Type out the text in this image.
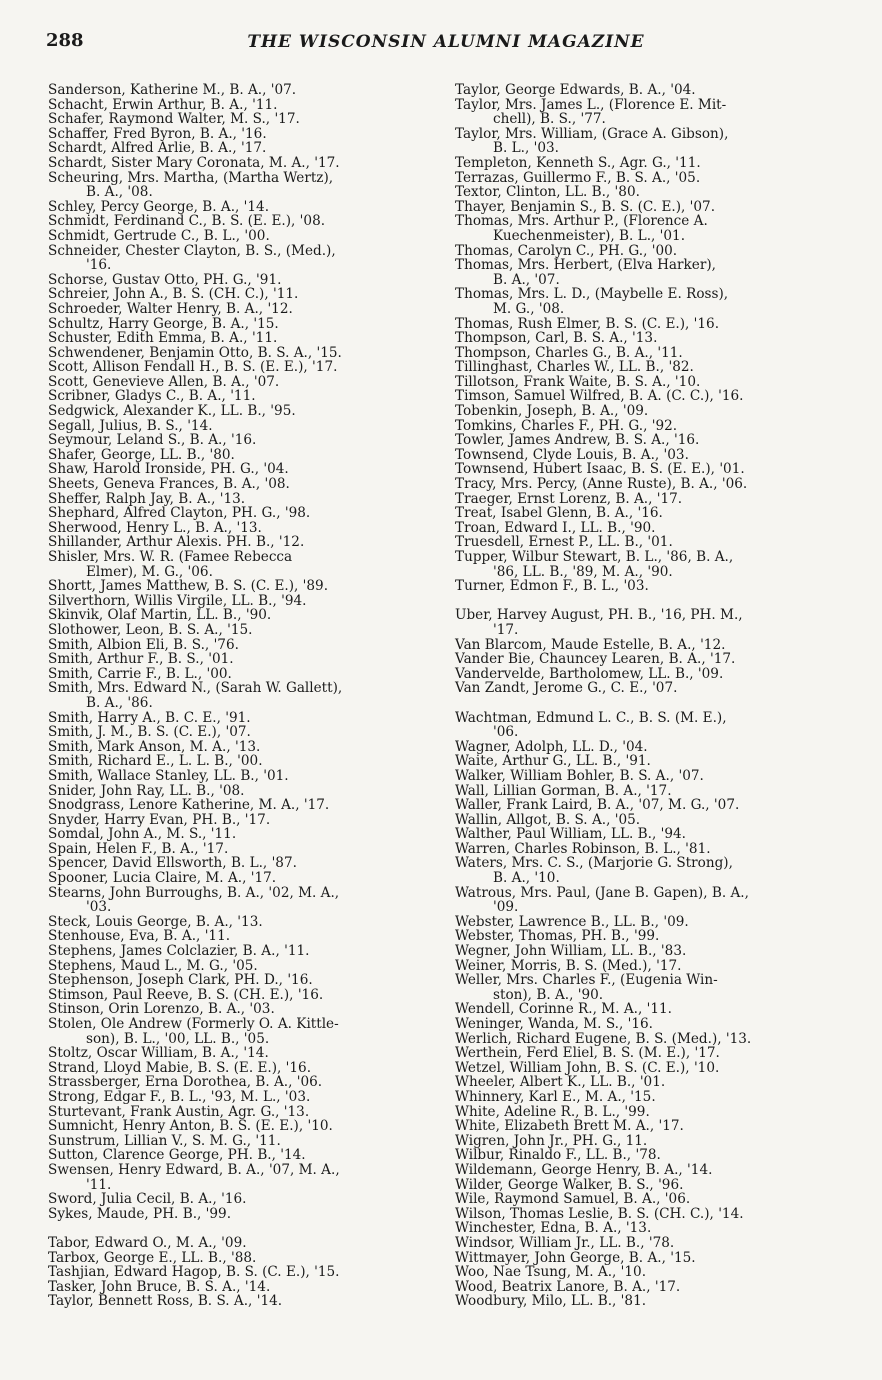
288	THE WISCONSIN ALUMNI MAGAZINE
Sanderson, Katherine M., B. A., '07.
Schacht, Erwin Arthur, B. A., '11.
Schafer, Raymond Walter, M. S., '17.
Schaffer, Fred Byron, B. A., '16.
Schardt, Alfred Arlie, B. A., '17.
Schardt, Sister Mary Coronata, M. A., '17.
Scheuring, Mrs. Martha, (Martha Wertz),
B. A., '08.
Schley, Percy George, B. A., '14.
Schmidt, Ferdinand C., B. S. (E. E.), '08.
Schmidt, Gertrude C., B. L., '00.
Schneider, Chester Clayton, B. S., (Med.),
'16.
Schorse, Gustav Otto, PH. G., '91.
Schreier, John A., B. S. (CH. C.), '11.
Schroeder, Walter Henry, B. A., '12.
Schultz, Harry George, B. A., '15.
Schuster, Edith Emma, B. A., '11.
Schwendener, Benjamin Otto, B. S. A., '15.
Scott, Allison Fendall H., B. S. (E. E.), '17.
Scott, Genevieve Allen, B. A., '07.
Scribner, Gladys C., B. A., '11.
Sedgwick, Alexander K., LL. B., '95.
Segall, Julius, B. S., '14.
Seymour, Leland S., B. A., '16.
Shafer, George, LL. B., '80.
Shaw, Harold Ironside, PH. G., '04.
Sheets, Geneva Frances, B. A., '08.
Sheffer, Ralph Jay, B. A., '13.
Shephard, Alfred Clayton, PH. G., '98.
Sherwood, Henry L., B. A., '13.
Shillander, Arthur Alexis. PH. B., '12.
Shisler, Mrs. W. R. (Famee Rebecca
Elmer), M. G., '06.
Shortt, James Matthew, B. S. (C. E.), '89.
Silverthorn, Willis Virgile, LL. B., '94.
Skinvik, Olaf Martin, LL. B., '90.
Slothower, Leon, B. S. A., '15.
Smith, Albion Eli, B. S., '76.
Smith, Arthur F., B. S., '01.
Smith, Carrie F., B. L., '00.
Smith, Mrs. Edward N., (Sarah W. Gallett),
B. A., '86.
Smith, Harry A., B. C. E., '91.
Smith, J. M., B. S. (C. E.), '07.
Smith, Mark Anson, M. A., '13.
Smith, Richard E., L. L. B., '00.
Smith, Wallace Stanley, LL. B., '01.
Snider, John Ray, LL. B., '08.
Snodgrass, Lenore Katherine, M. A., '17.
Snyder, Harry Evan, PH. B., '17.
Somdal, John A., M. S., '11.
Spain, Helen F., B. A., '17.
Spencer, David Ellsworth, B. L., '87.
Spooner, Lucia Claire, M. A., '17.
Stearns, John Burroughs, B. A., '02, M. A.,
'03.
Steck, Louis George, B. A., '13.
Stenhouse, Eva, B. A., '11.
Stephens, James Colclazier, B. A., '11.
Stephens, Maud L., M. G., '05.
Stephenson, Joseph Clark, PH. D., '16.
Stimson, Paul Reeve, B. S. (CH. E.), '16.
Stinson, Orin Lorenzo, B. A., '03.
Stolen, Ole Andrew (Formerly O. A. Kittle-
son), B. L., '00, LL. B., '05.
Stoltz, Oscar William, B. A., '14.
Strand, Lloyd Mabie, B. S. (E. E.), '16.
Strassberger, Erna Dorothea, B. A., '06.
Strong, Edgar F., B. L., '93, M. L., '03.
Sturtevant, Frank Austin, Agr. G., '13.
Sumnicht, Henry Anton, B. S. (E. E.), '10.
Sunstrum, Lillian V., S. M. G., '11.
Sutton, Clarence George, PH. B., '14.
Swensen, Henry Edward, B. A., '07, M. A.,
'11.
Sword, Julia Cecil, B. A., '16.
Sykes, Maude, PH. B., '99.
Tabor, Edward O., M. A., '09.
Tarbox, George E., LL. B., '88.
Tashjian, Edward Hagop, B. S. (C. E.), '15.
Tasker, John Bruce, B. S. A., '14.
Taylor, Bennett Ross, B. S. A., '14.
Taylor, George Edwards, B. A., '04.
Taylor, Mrs. James L., (Florence E. Mit-
chell), B. S., '77.
Taylor, Mrs. William, (Grace A. Gibson),
B. L., '03.
Templeton, Kenneth S., Agr. G., '11.
Terrazas, Guillermo F., B. S. A., '05.
Textor, Clinton, LL. B., '80.
Thayer, Benjamin S., B. S. (C. E.), '07.
Thomas, Mrs. Arthur P., (Florence A.
Kuechenmeister), B. L., '01.
Thomas, Carolyn C., PH. G., '00.
Thomas, Mrs. Herbert, (Elva Harker),
B. A., '07.
Thomas, Mrs. L. D., (Maybelle E. Ross),
M. G., '08.
Thomas, Rush Elmer, B. S. (C. E.), '16.
Thompson, Carl, B. S. A., '13.
Thompson, Charles G., B. A., '11.
Tillinghast, Charles W., LL. B., '82.
Tillotson, Frank Waite, B. S. A., '10.
Timson, Samuel Wilfred, B. A. (C. C.), '16.
Tobenkin, Joseph, B. A., '09.
Tomkins, Charles F., PH. G., '92.
Towler, James Andrew, B. S. A., '16.
Townsend, Clyde Louis, B. A., '03.
Townsend, Hubert Isaac, B. S. (E. E.), '01.
Tracy, Mrs. Percy, (Anne Ruste), B. A., '06.
Traeger, Ernst Lorenz, B. A., '17.
Treat, Isabel Glenn, B. A., '16.
Troan, Edward I., LL. B., '90.
Truesdell, Ernest P., LL. B., '01.
Tupper, Wilbur Stewart, B. L., '86, B. A.,
'86, LL. B., '89, M. A., '90.
Turner, Edmon F., B. L., '03.
Uber, Harvey August, PH. B., '16, PH. M.,
'17.
Van Blarcom, Maude Estelle, B. A., '12.
Vander Bie, Chauncey Learen, B. A., '17.
Vandervelde, Bartholomew, LL. B., '09.
Van Zandt, Jerome G., C. E., '07.
Wachtman, Edmund L. C., B. S. (M. E.),
'06.
Wagner, Adolph, LL. D., '04.
Waite, Arthur G., LL. B., '91.
Walker, William Bohler, B. S. A., '07.
Wall, Lillian Gorman, B. A., '17.
Waller, Frank Laird, B. A., '07, M. G., '07.
Wallin, Allgot, B. S. A., '05.
Walther, Paul William, LL. B., '94.
Warren, Charles Robinson, B. L., '81.
Waters, Mrs. C. S., (Marjorie G. Strong),
B. A., '10.
Watrous, Mrs. Paul, (Jane B. Gapen), B. A.,
'09.
Webster, Lawrence B., LL. B., '09.
Webster, Thomas, PH. B., '99.
Wegner, John William, LL. B., '83.
Weiner, Morris, B. S. (Med.), '17.
Weller, Mrs. Charles F., (Eugenia Win-
ston), B. A., '90.
Wendell, Corinne R., M. A., '11.
Weninger, Wanda, M. S., '16.
Werlich, Richard Eugene, B. S. (Med.), '13.
Werthein, Ferd Eliel, B. S. (M. E.), '17.
Wetzel, William John, B. S. (C. E.), '10.
Wheeler, Albert K., LL. B., '01.
Whinnery, Karl E., M. A., '15.
White, Adeline R., B. L., '99.
White, Elizabeth Brett M. A., '17.
Wigren, John Jr., PH. G., 11.
Wilbur, Rinaldo F., LL. B., '78.
Wildemann, George Henry, B. A., '14.
Wilder, George Walker, B. S., '96.
Wile, Raymond Samuel, B. A., '06.
Wilson, Thomas Leslie, B. S. (CH. C.), '14.
Winchester, Edna, B. A., '13.
Windsor, William Jr., LL. B., '78.
Wittmayer, John George, B. A., '15.
Woo, Nae Tsung, M. A., '10.
Wood, Beatrix Lanore, B. A., '17.
Woodbury, Milo, LL. B., '81.
